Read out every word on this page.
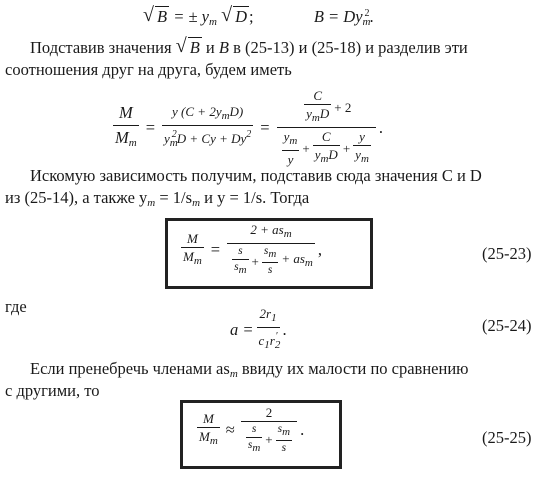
√ B = ± $y_m$ √ D ;	$B = Dy_m^2$.
Подставив значения √ B и B в (25-13) и (25-18) и разделив эти
соотношения друг на друга, будем иметь
$\frac{M}{M_m} = \frac{y (C + 2y_mD)}{y_m^2D + Cy + Dy^2} = \frac{\frac{C}{y_mD} + 2}{\frac{y_m}{y} + \frac{C}{y_mD} + \frac{y}{y_m}}$ .
Искомую зависимость получим, подставив сюда значения C и D
из (25-14), а также $y_m = 1/s_m$ и y = 1/s. Тогда
$\frac{M}{M_m} = \frac{2 + as_m}{\frac{s}{sm} + \frac{sm}{s} + as_m}$ ,	(25-23)
где
$a = \frac{2r_1}{c_1r_2'}$ .	(25-24)
Если пренебречь членами $as_m$ ввиду их малости по сравнению
с другими, то
$\frac{M}{M_m} \approx \frac{2}{\frac{s}{sm} + \frac{sm}{s}}$ .	(25-25)
